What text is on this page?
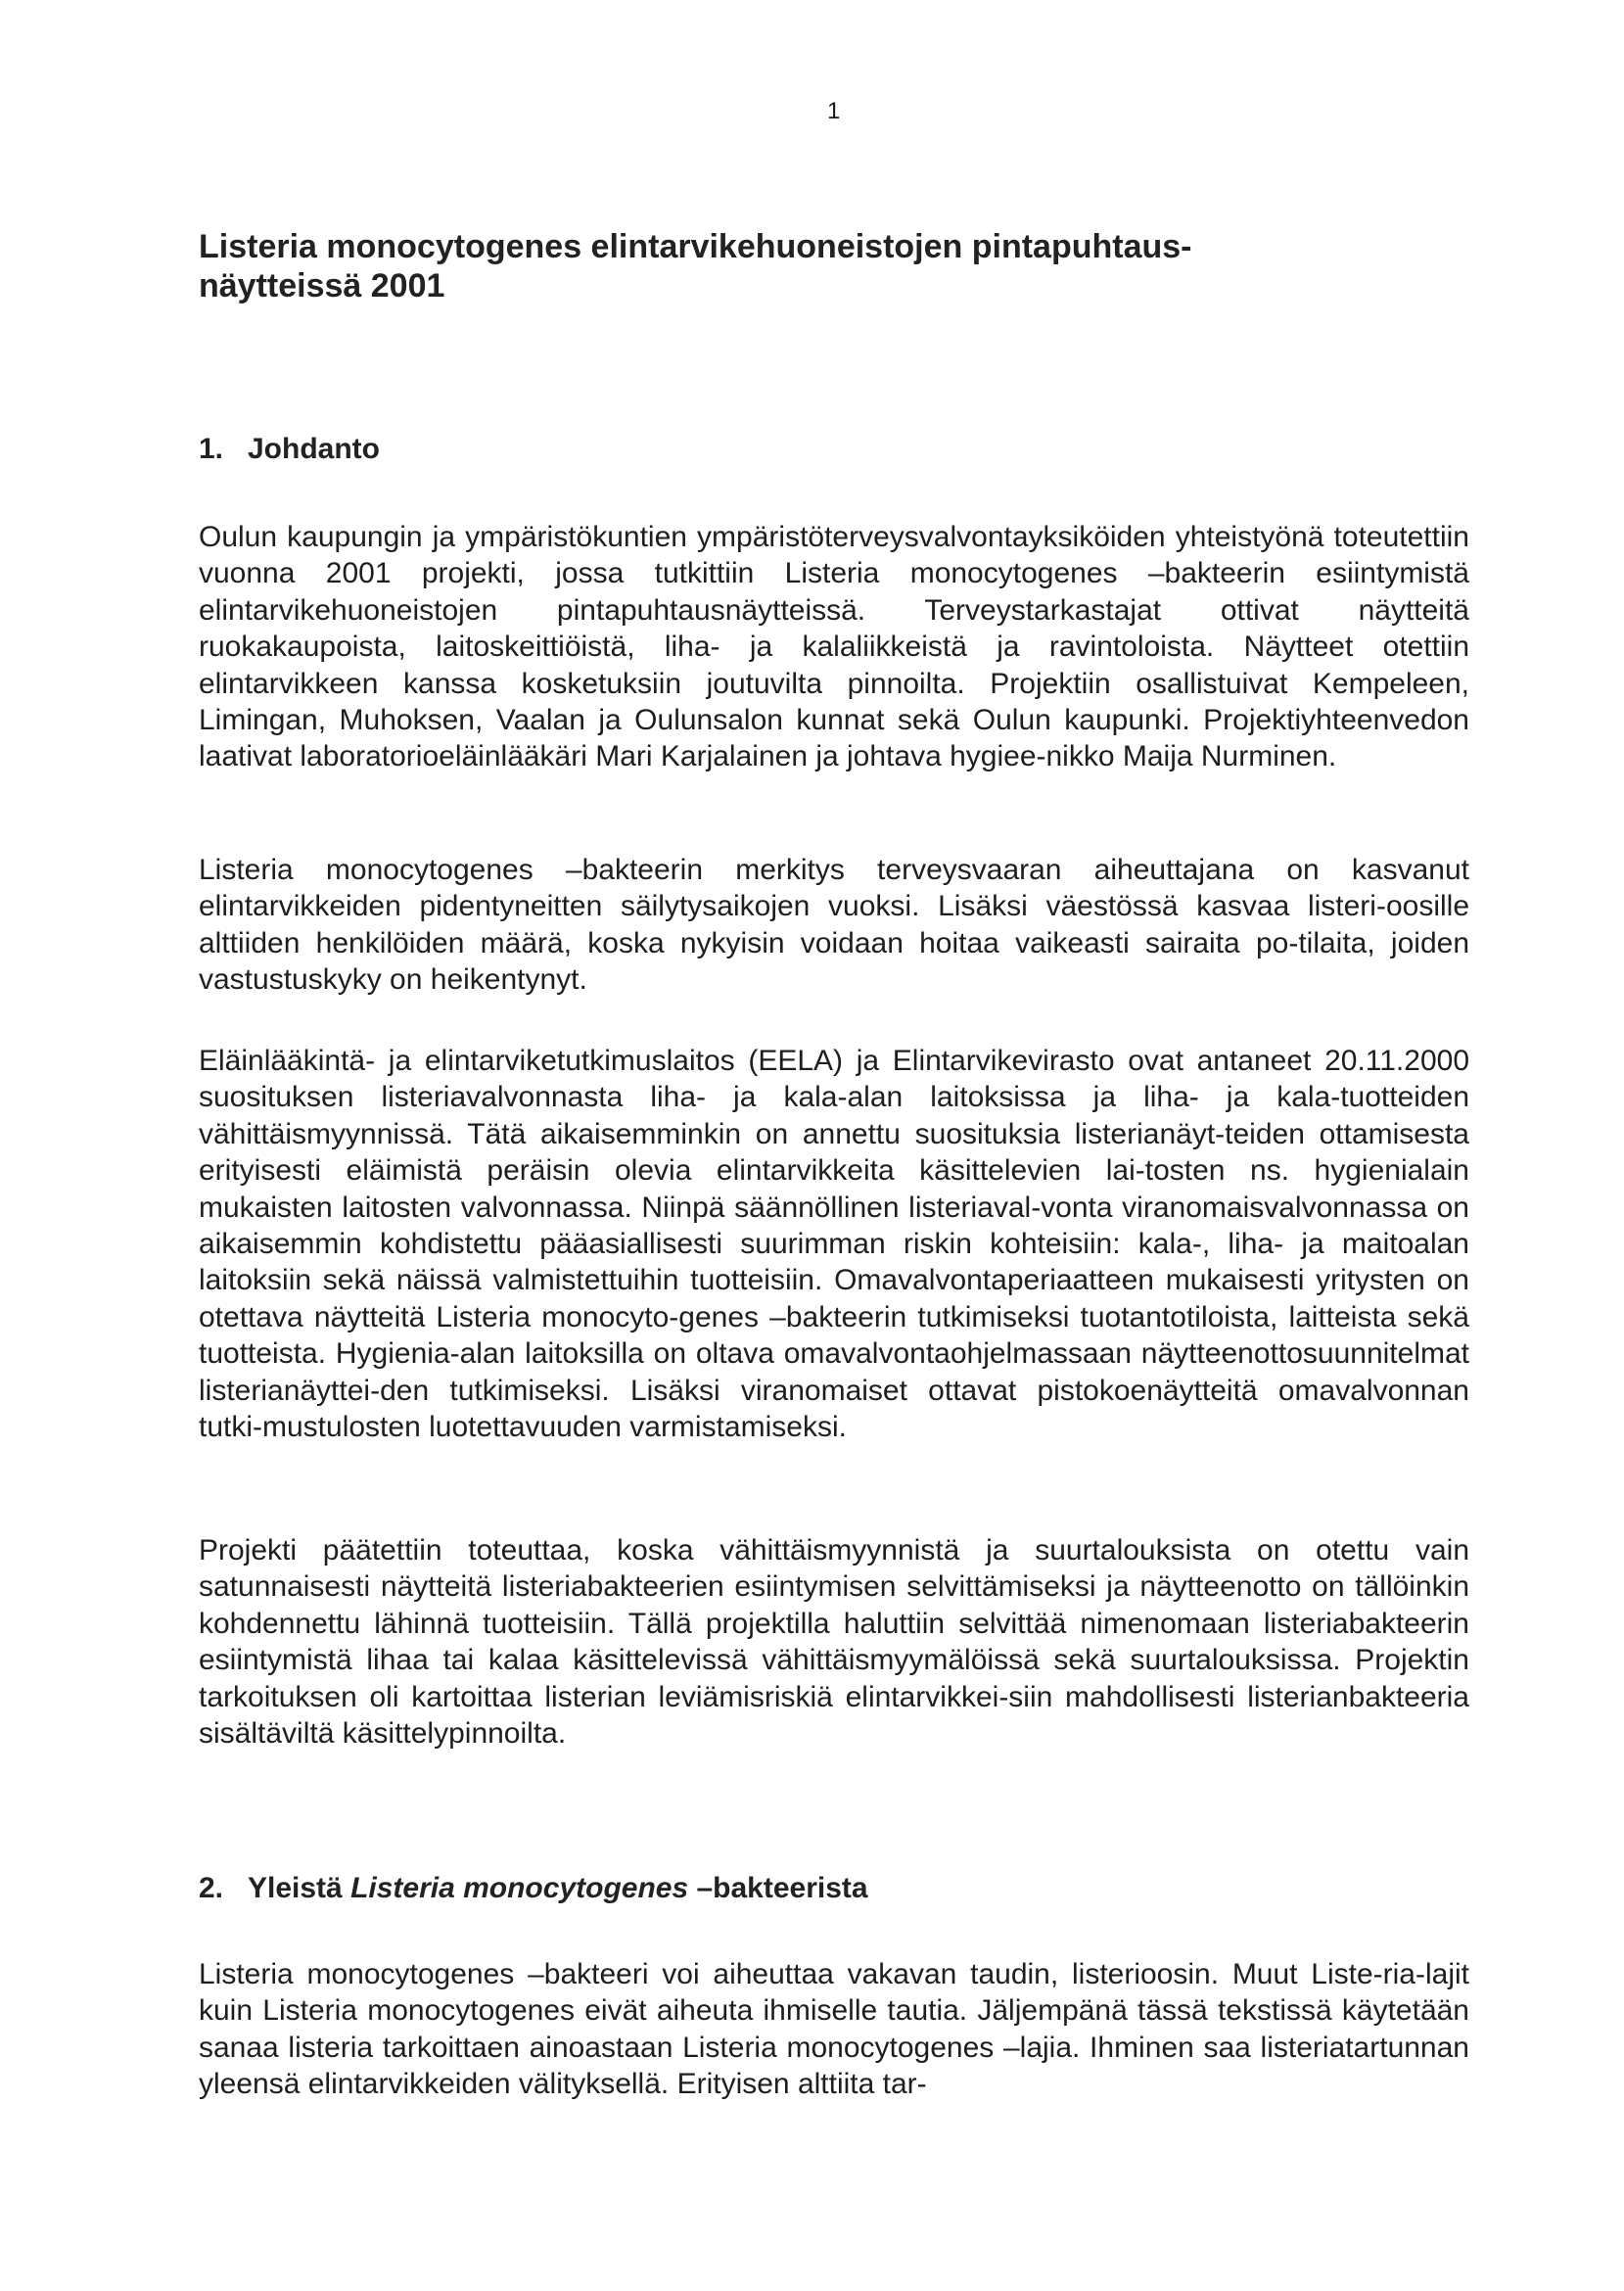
1
Listeria monocytogenes elintarvikehuoneistojen pintapuhtaus-
näytteissä 2001
1. Johdanto

Oulun kaupungin ja ympäristökuntien ympäristöterveysvalvontayksiköiden yhteistyönä toteutettiin vuonna 2001 projekti, jossa tutkittiin Listeria monocytogenes –bakteerin esiintymistä elintarvikehuoneistojen pintapuhtausnäytteissä. Terveystarkastajat ottivat näytteitä ruokakaupoista, laitoskeittiöistä, liha- ja kalaliikkeistä ja ravintoloista. Näytteet otettiin elintarvikkeen kanssa kosketuksiin joutuvilta pinnoilta. Projektiin osallistuivat Kempeleen, Limingan, Muhoksen, Vaalan ja Oulunsalon kunnat sekä Oulun kaupunki. Projektiyhteenvedon laativat laboratorioeläinlääkäri Mari Karjalainen ja johtava hygiee-nikko Maija Nurminen.

Listeria monocytogenes –bakteerin merkitys terveysvaaran aiheuttajana on kasvanut elintarvikkeiden pidentyneitten säilytysaikojen vuoksi. Lisäksi väestössä kasvaa listeri-oosille alttiiden henkilöiden määrä, koska nykyisin voidaan hoitaa vaikeasti sairaita po-tilaita, joiden vastustuskyky on heikentynyt.

Eläinlääkintä- ja elintarviketutkimuslaitos (EELA) ja Elintarvikevirasto ovat antaneet 20.11.2000 suosituksen listeriavalvonnasta liha- ja kala-alan laitoksissa ja liha- ja kala-tuotteiden vähittäismyynnissä. Tätä aikaisemminkin on annettu suosituksia listerianäyt-teiden ottamisesta erityisesti eläimistä peräisin olevia elintarvikkeita käsittelevien lai-tosten ns. hygienialain mukaisten laitosten valvonnassa. Niinpä säännöllinen listeriaval-vonta viranomaisvalvonnassa on aikaisemmin kohdistettu pääasiallisesti suurimman riskin kohteisiin: kala-, liha- ja maitoalan laitoksiin sekä näissä valmistettuihin tuotteisiin. Omavalvontaperiaatteen mukaisesti yritysten on otettava näytteitä Listeria monocyto-genes –bakteerin tutkimiseksi tuotantotiloista, laitteista sekä tuotteista. Hygienia-alan laitoksilla on oltava omavalvontaohjelmassaan näytteenottosuunnitelmat listerianäyttei-den tutkimiseksi. Lisäksi viranomaiset ottavat pistokoenäytteitä omavalvonnan tutki-mustulosten luotettavuuden varmistamiseksi.

Projekti päätettiin toteuttaa, koska vähittäismyynnistä ja suurtalouksista on otettu vain satunnaisesti näytteitä listeriabakteerien esiintymisen selvittämiseksi ja näytteenotto on tällöinkin kohdennettu lähinnä tuotteisiin. Tällä projektilla haluttiin selvittää nimenomaan listeriabakteerin esiintymistä lihaa tai kalaa käsittelevissä vähittäismyymälöissä sekä suurtalouksissa. Projektin tarkoituksen oli kartoittaa listerian leviämisriskiä elintarvikkei-siin mahdollisesti listerianbakteeria sisältäviltä käsittelypinnoilta.

2. Yleistä Listeria monocytogenes –bakteerista

Listeria monocytogenes –bakteeri voi aiheuttaa vakavan taudin, listerioosin. Muut Liste-ria-lajit kuin Listeria monocytogenes eivät aiheuta ihmiselle tautia. Jäljempänä tässä tekstissä käytetään sanaa listeria tarkoittaen ainoastaan Listeria monocytogenes –lajia. Ihminen saa listeriatartunnan yleensä elintarvikkeiden välityksellä. Erityisen alttiita tar-
